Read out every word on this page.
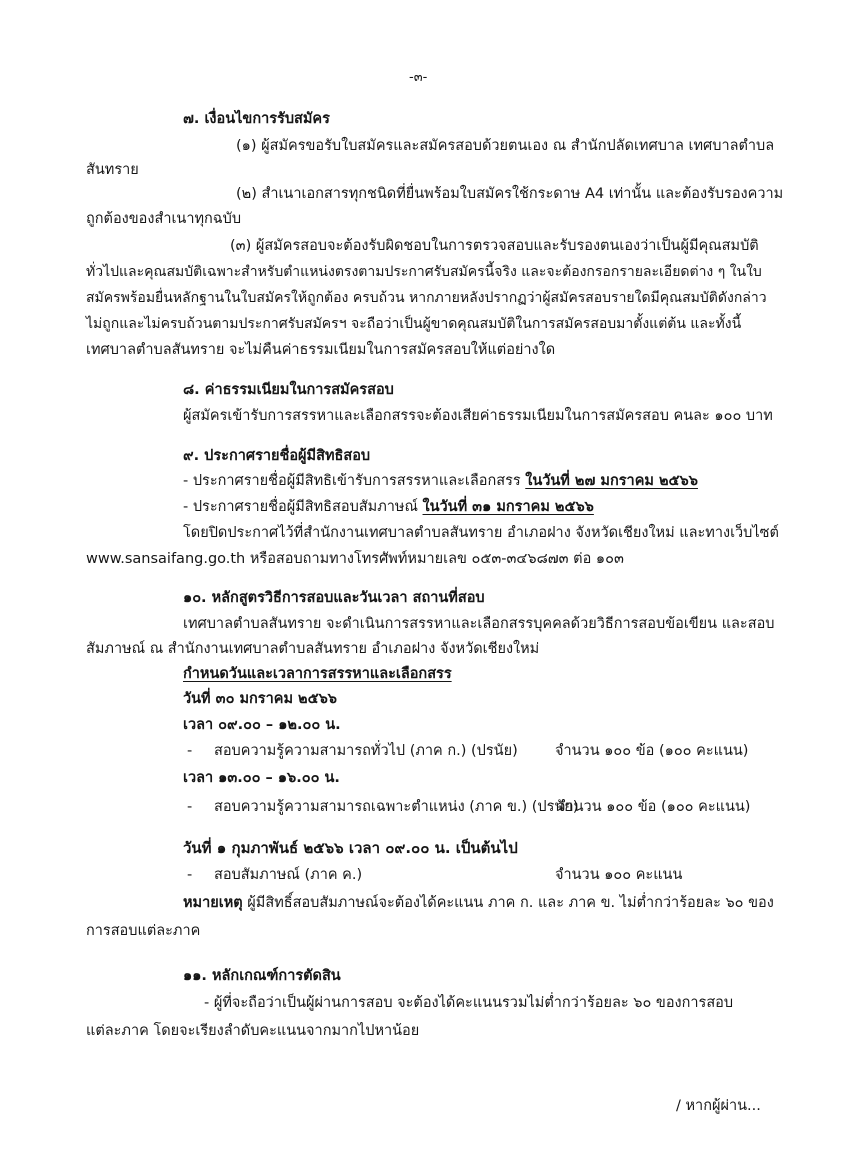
-๓-
๗. เงื่อนไขการรับสมัคร
(๑) ผู้สมัครขอรับใบสมัครและสมัครสอบด้วยตนเอง ณ สำนักปลัดเทศบาล เทศบาลตำบล
สันทราย
(๒) สำเนาเอกสารทุกชนิดที่ยื่นพร้อมใบสมัครใช้กระดาษ A4 เท่านั้น และต้องรับรองความ
ถูกต้องของสำเนาทุกฉบับ
(๓) ผู้สมัครสอบจะต้องรับผิดชอบในการตรวจสอบและรับรองตนเองว่าเป็นผู้มีคุณสมบัติ
ทั่วไปและคุณสมบัติเฉพาะสำหรับตำแหน่งตรงตามประกาศรับสมัครนี้จริง และจะต้องกรอกรายละเอียดต่าง ๆ ในใบ
สมัครพร้อมยื่นหลักฐานในใบสมัครให้ถูกต้อง ครบถ้วน หากภายหลังปรากฏว่าผู้สมัครสอบรายใดมีคุณสมบัติดังกล่าว
ไม่ถูกและไม่ครบถ้วนตามประกาศรับสมัครฯ จะถือว่าเป็นผู้ขาดคุณสมบัติในการสมัครสอบมาตั้งแต่ต้น และทั้งนี้
เทศบาลตำบลสันทราย จะไม่คืนค่าธรรมเนียมในการสมัครสอบให้แต่อย่างใด
๘. ค่าธรรมเนียมในการสมัครสอบ
ผู้สมัครเข้ารับการสรรหาและเลือกสรรจะต้องเสียค่าธรรมเนียมในการสมัครสอบ คนละ ๑๐๐ บาท
๙. ประกาศรายชื่อผู้มีสิทธิสอบ
- ประกาศรายชื่อผู้มีสิทธิเข้ารับการสรรหาและเลือกสรร ในวันที่ ๒๗ มกราคม ๒๕๖๖
- ประกาศรายชื่อผู้มีสิทธิสอบสัมภาษณ์ ในวันที่ ๓๑ มกราคม ๒๕๖๖
โดยปิดประกาศไว้ที่สำนักงานเทศบาลตำบลสันทราย อำเภอฝาง จังหวัดเชียงใหม่ และทางเว็บไซต์
www.sansaifang.go.th หรือสอบถามทางโทรศัพท์หมายเลข ๐๕๓-๓๔๖๘๗๓ ต่อ ๑๐๓
๑๐. หลักสูตรวิธีการสอบและวันเวลา สถานที่สอบ
เทศบาลตำบลสันทราย จะดำเนินการสรรหาและเลือกสรรบุคคลด้วยวิธีการสอบข้อเขียน และสอบ
สัมภาษณ์ ณ สำนักงานเทศบาลตำบลสันทราย อำเภอฝาง จังหวัดเชียงใหม่
กำหนดวันและเวลาการสรรหาและเลือกสรร
วันที่ ๓๐ มกราคม ๒๕๖๖
เวลา ๐๙.๐๐ – ๑๒.๐๐ น.
- สอบความรู้ความสามารถทั่วไป (ภาค ก.) (ปรนัย)	จำนวน ๑๐๐ ข้อ (๑๐๐ คะแนน)
เวลา ๑๓.๐๐ – ๑๖.๐๐ น.
- สอบความรู้ความสามารถเฉพาะตำแหน่ง (ภาค ข.) (ปรนัย)
จำนวน ๑๐๐ ข้อ (๑๐๐ คะแนน)
วันที่ ๑ กุมภาพันธ์ ๒๕๖๖ เวลา ๐๙.๐๐ น. เป็นต้นไป
- สอบสัมภาษณ์ (ภาค ค.)	จำนวน ๑๐๐ คะแนน
หมายเหตุ ผู้มีสิทธิ์สอบสัมภาษณ์จะต้องได้คะแนน ภาค ก. และ ภาค ข. ไม่ต่ำกว่าร้อยละ ๖๐ ของ
การสอบแต่ละภาค
๑๑. หลักเกณฑ์การตัดสิน
- ผู้ที่จะถือว่าเป็นผู้ผ่านการสอบ จะต้องได้คะแนนรวมไม่ต่ำกว่าร้อยละ ๖๐ ของการสอบ
แต่ละภาค โดยจะเรียงลำดับคะแนนจากมากไปหาน้อย
/ หากผู้ผ่าน...
